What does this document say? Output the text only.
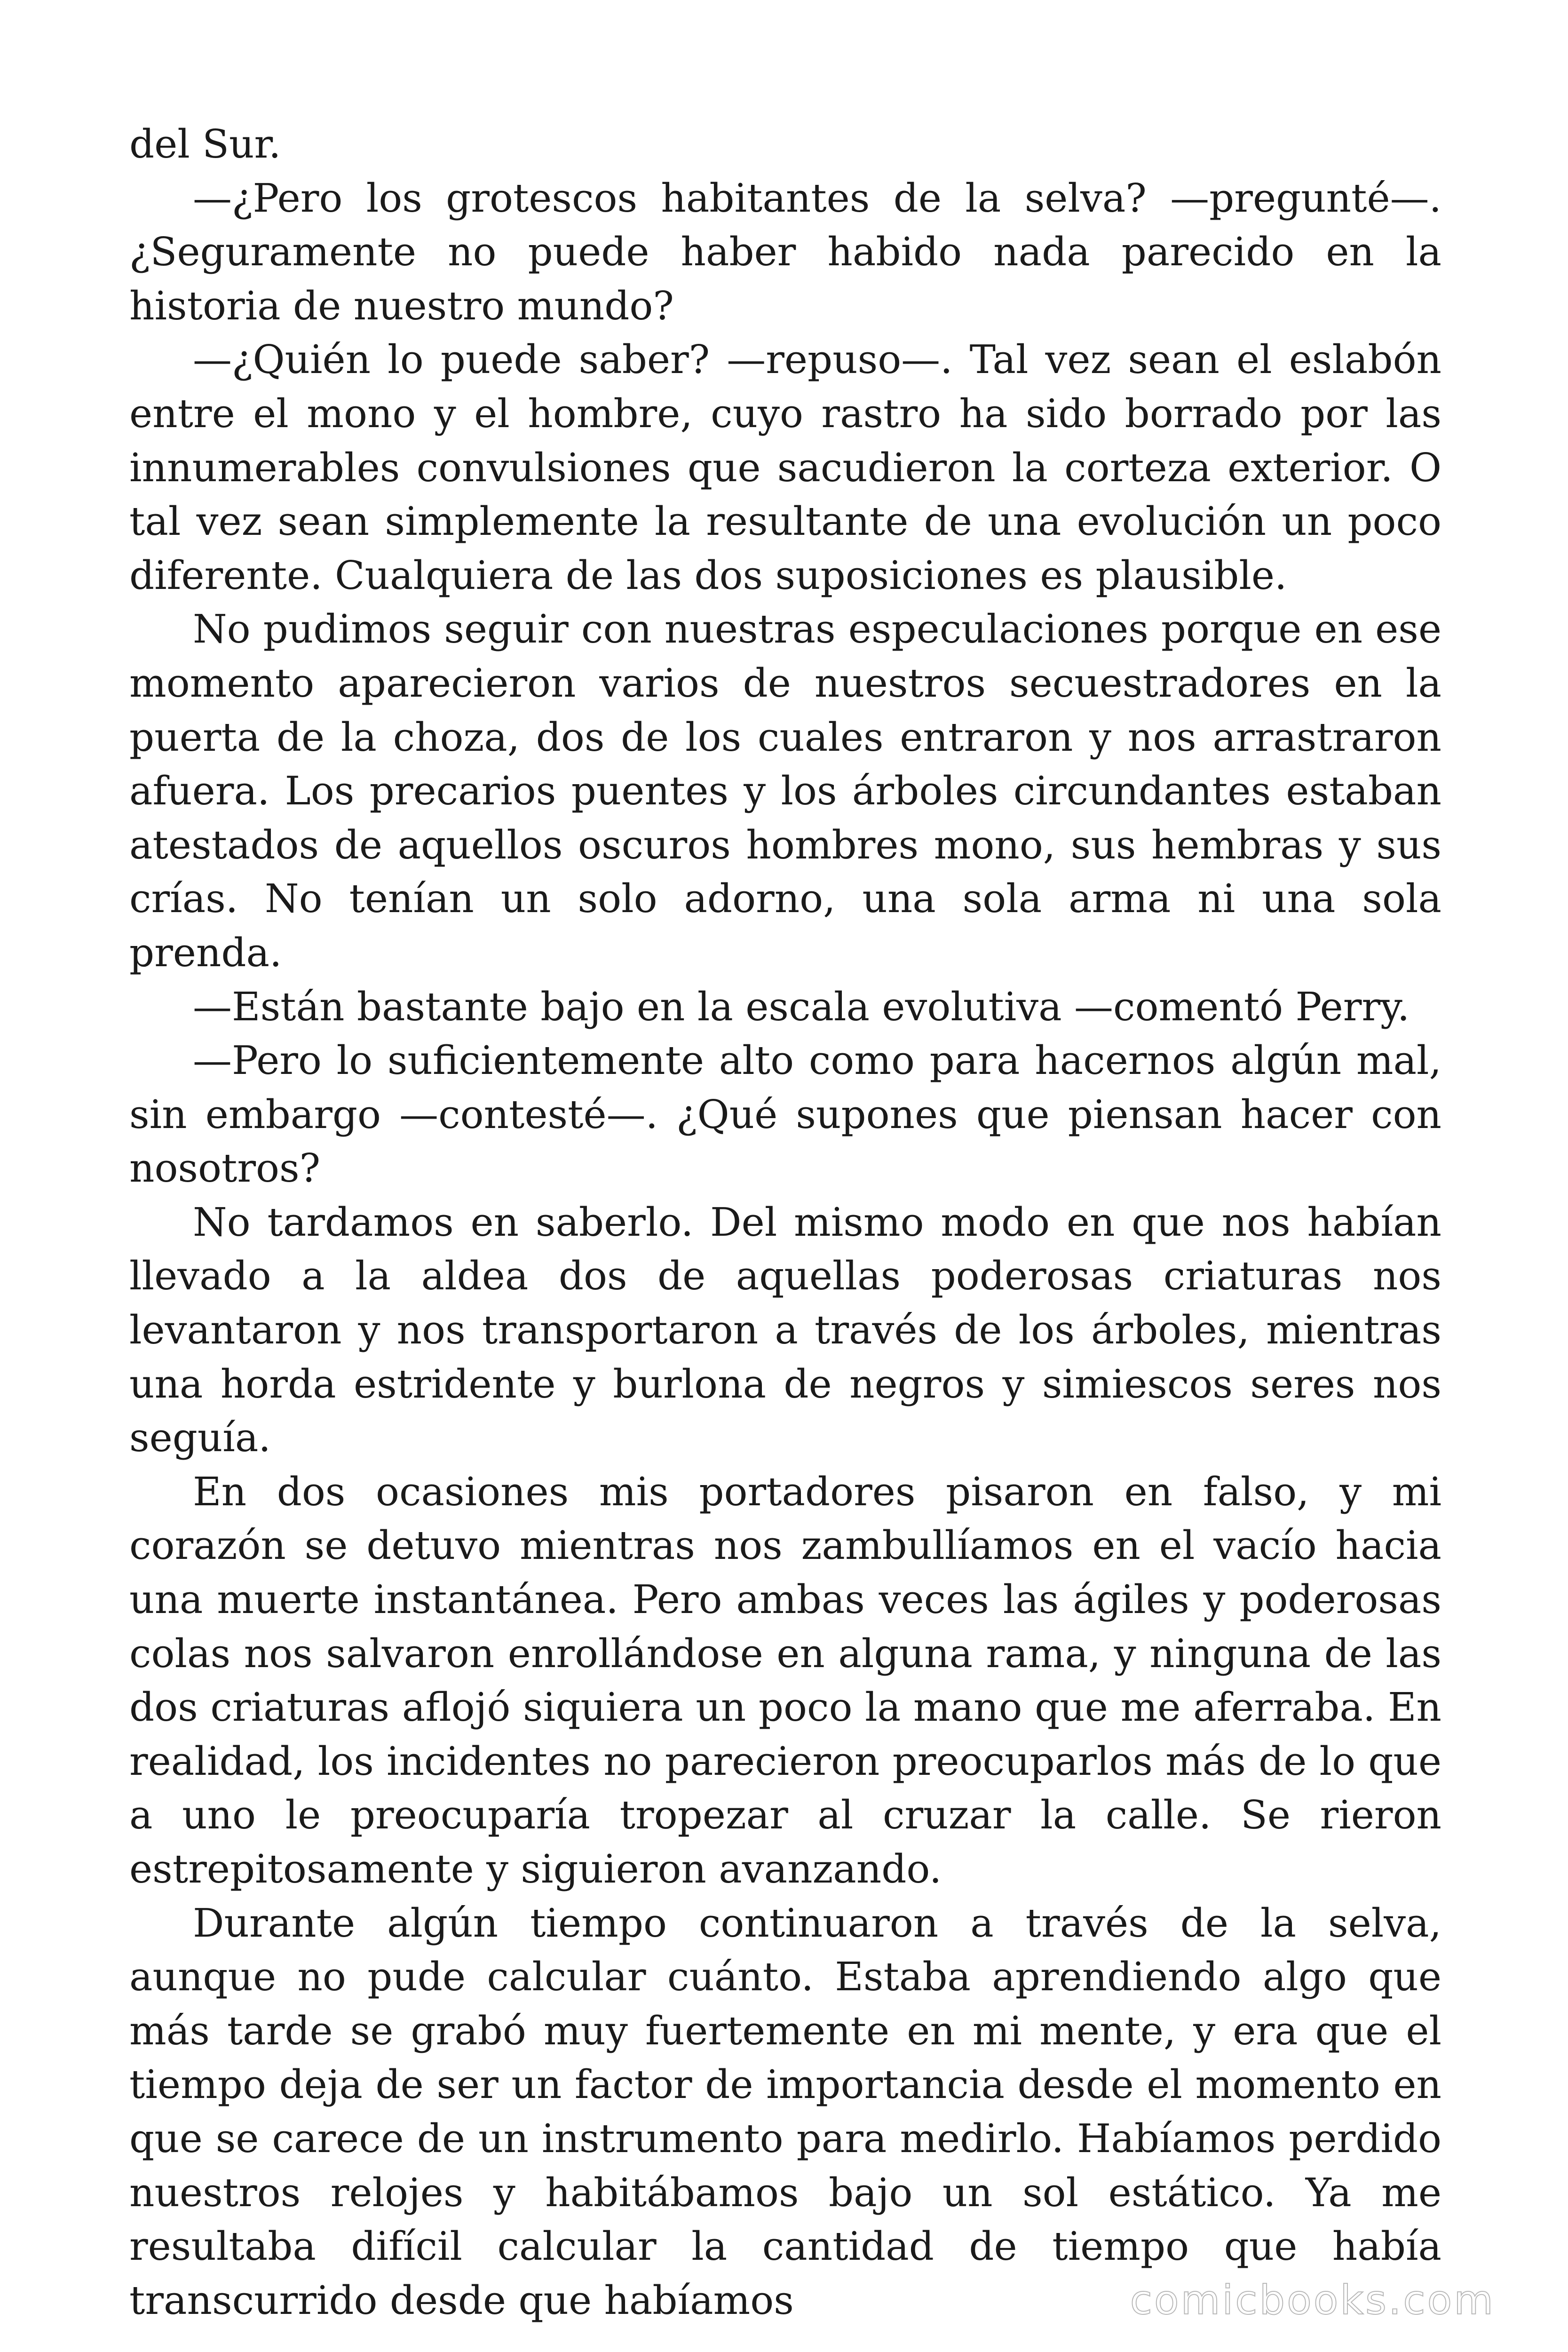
del Sur.

—¿Pero los grotescos habitantes de la selva? —pregunté—. ¿Seguramente no puede haber habido nada parecido en la historia de nuestro mundo?

—¿Quién lo puede saber? —repuso—. Tal vez sean el eslabón entre el mono y el hombre, cuyo rastro ha sido borrado por las innumerables convulsiones que sacudieron la corteza exterior. O tal vez sean simplemente la resultante de una evolución un poco diferente. Cualquiera de las dos suposiciones es plausible.

No pudimos seguir con nuestras especulaciones porque en ese momento aparecieron varios de nuestros secuestradores en la puerta de la choza, dos de los cuales entraron y nos arrastraron afuera. Los precarios puentes y los árboles circundantes estaban atestados de aquellos oscuros hombres mono, sus hembras y sus crías. No tenían un solo adorno, una sola arma ni una sola prenda.

—Están bastante bajo en la escala evolutiva —comentó Perry.

—Pero lo suficientemente alto como para hacernos algún mal, sin embargo —contesté—. ¿Qué supones que piensan hacer con nosotros?

No tardamos en saberlo. Del mismo modo en que nos habían llevado a la aldea dos de aquellas poderosas criaturas nos levantaron y nos transportaron a través de los árboles, mientras una horda estridente y burlona de negros y simiescos seres nos seguía.

En dos ocasiones mis portadores pisaron en falso, y mi corazón se detuvo mientras nos zambullíamos en el vacío hacia una muerte instantánea. Pero ambas veces las ágiles y poderosas colas nos salvaron enrollándose en alguna rama, y ninguna de las dos criaturas aflojó siquiera un poco la mano que me aferraba. En realidad, los incidentes no parecieron preocuparlos más de lo que a uno le preocuparía tropezar al cruzar la calle. Se rieron estrepitosamente y siguieron avanzando.

Durante algún tiempo continuaron a través de la selva, aunque no pude calcular cuánto. Estaba aprendiendo algo que más tarde se grabó muy fuertemente en mi mente, y era que el tiempo deja de ser un factor de importancia desde el momento en que se carece de un instrumento para medirlo. Habíamos perdido nuestros relojes y habitábamos bajo un sol estático. Ya me resultaba difícil calcular la cantidad de tiempo que había transcurrido desde que habíamos	comicbooks.com
